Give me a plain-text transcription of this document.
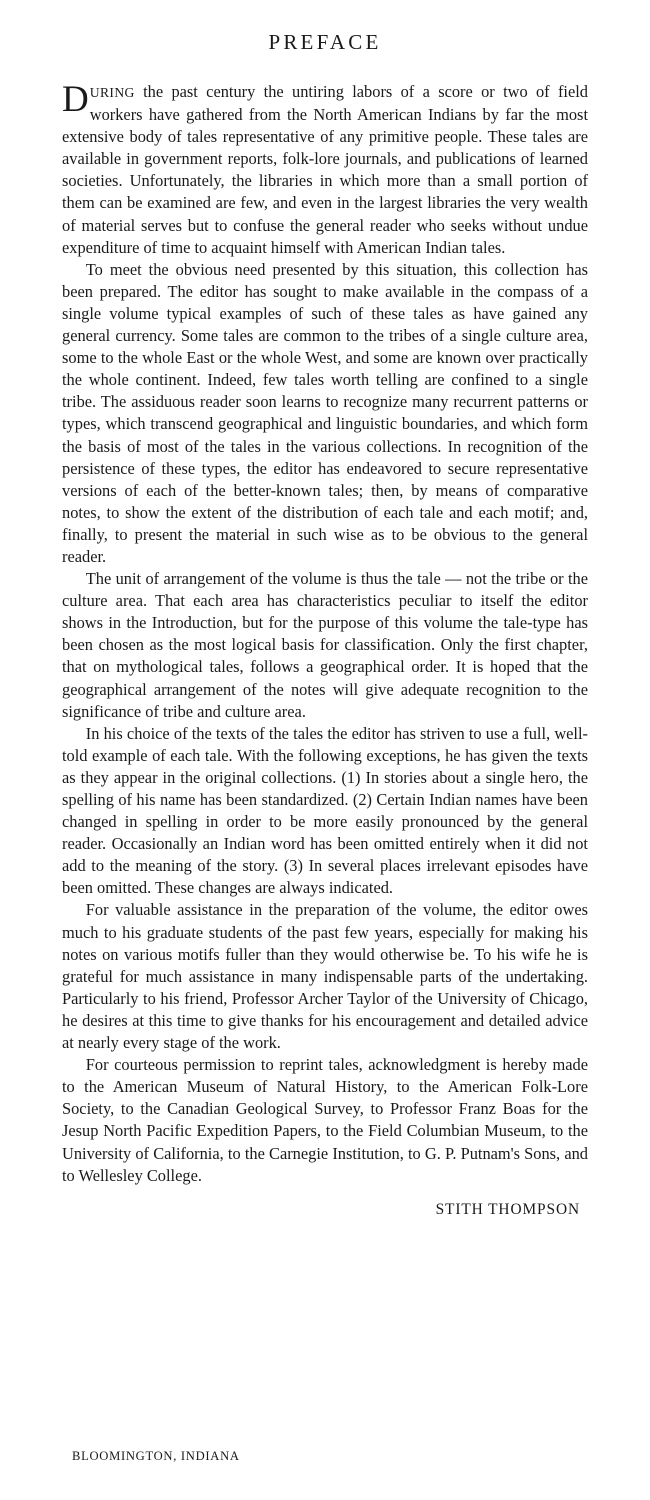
PREFACE

DURING the past century the untiring labors of a score or two of field workers have gathered from the North American Indians by far the most extensive body of tales representative of any primitive people. These tales are available in government reports, folk-lore journals, and publications of learned societies. Unfortunately, the libraries in which more than a small portion of them can be examined are few, and even in the largest libraries the very wealth of material serves but to confuse the general reader who seeks without undue expenditure of time to acquaint himself with American Indian tales.

To meet the obvious need presented by this situation, this collection has been prepared. The editor has sought to make available in the compass of a single volume typical examples of such of these tales as have gained any general currency. Some tales are common to the tribes of a single culture area, some to the whole East or the whole West, and some are known over practically the whole continent. Indeed, few tales worth telling are confined to a single tribe. The assiduous reader soon learns to recognize many recurrent patterns or types, which transcend geographical and linguistic boundaries, and which form the basis of most of the tales in the various collections. In recognition of the persistence of these types, the editor has endeavored to secure representative versions of each of the better-known tales; then, by means of comparative notes, to show the extent of the distribution of each tale and each motif; and, finally, to present the material in such wise as to be obvious to the general reader.

The unit of arrangement of the volume is thus the tale — not the tribe or the culture area. That each area has characteristics peculiar to itself the editor shows in the Introduction, but for the purpose of this volume the tale-type has been chosen as the most logical basis for classification. Only the first chapter, that on mythological tales, follows a geographical order. It is hoped that the geographical arrangement of the notes will give adequate recognition to the significance of tribe and culture area.

In his choice of the texts of the tales the editor has striven to use a full, well-told example of each tale. With the following exceptions, he has given the texts as they appear in the original collections. (1) In stories about a single hero, the spelling of his name has been standardized. (2) Certain Indian names have been changed in spelling in order to be more easily pronounced by the general reader. Occasionally an Indian word has been omitted entirely when it did not add to the meaning of the story. (3) In several places irrelevant episodes have been omitted. These changes are always indicated.

For valuable assistance in the preparation of the volume, the editor owes much to his graduate students of the past few years, especially for making his notes on various motifs fuller than they would otherwise be. To his wife he is grateful for much assistance in many indispensable parts of the undertaking. Particularly to his friend, Professor Archer Taylor of the University of Chicago, he desires at this time to give thanks for his encouragement and detailed advice at nearly every stage of the work.

For courteous permission to reprint tales, acknowledgment is hereby made to the American Museum of Natural History, to the American Folk-Lore Society, to the Canadian Geological Survey, to Professor Franz Boas for the Jesup North Pacific Expedition Papers, to the Field Columbian Museum, to the University of California, to the Carnegie Institution, to G. P. Putnam's Sons, and to Wellesley College.

STITH THOMPSON
BLOOMINGTON, INDIANA
